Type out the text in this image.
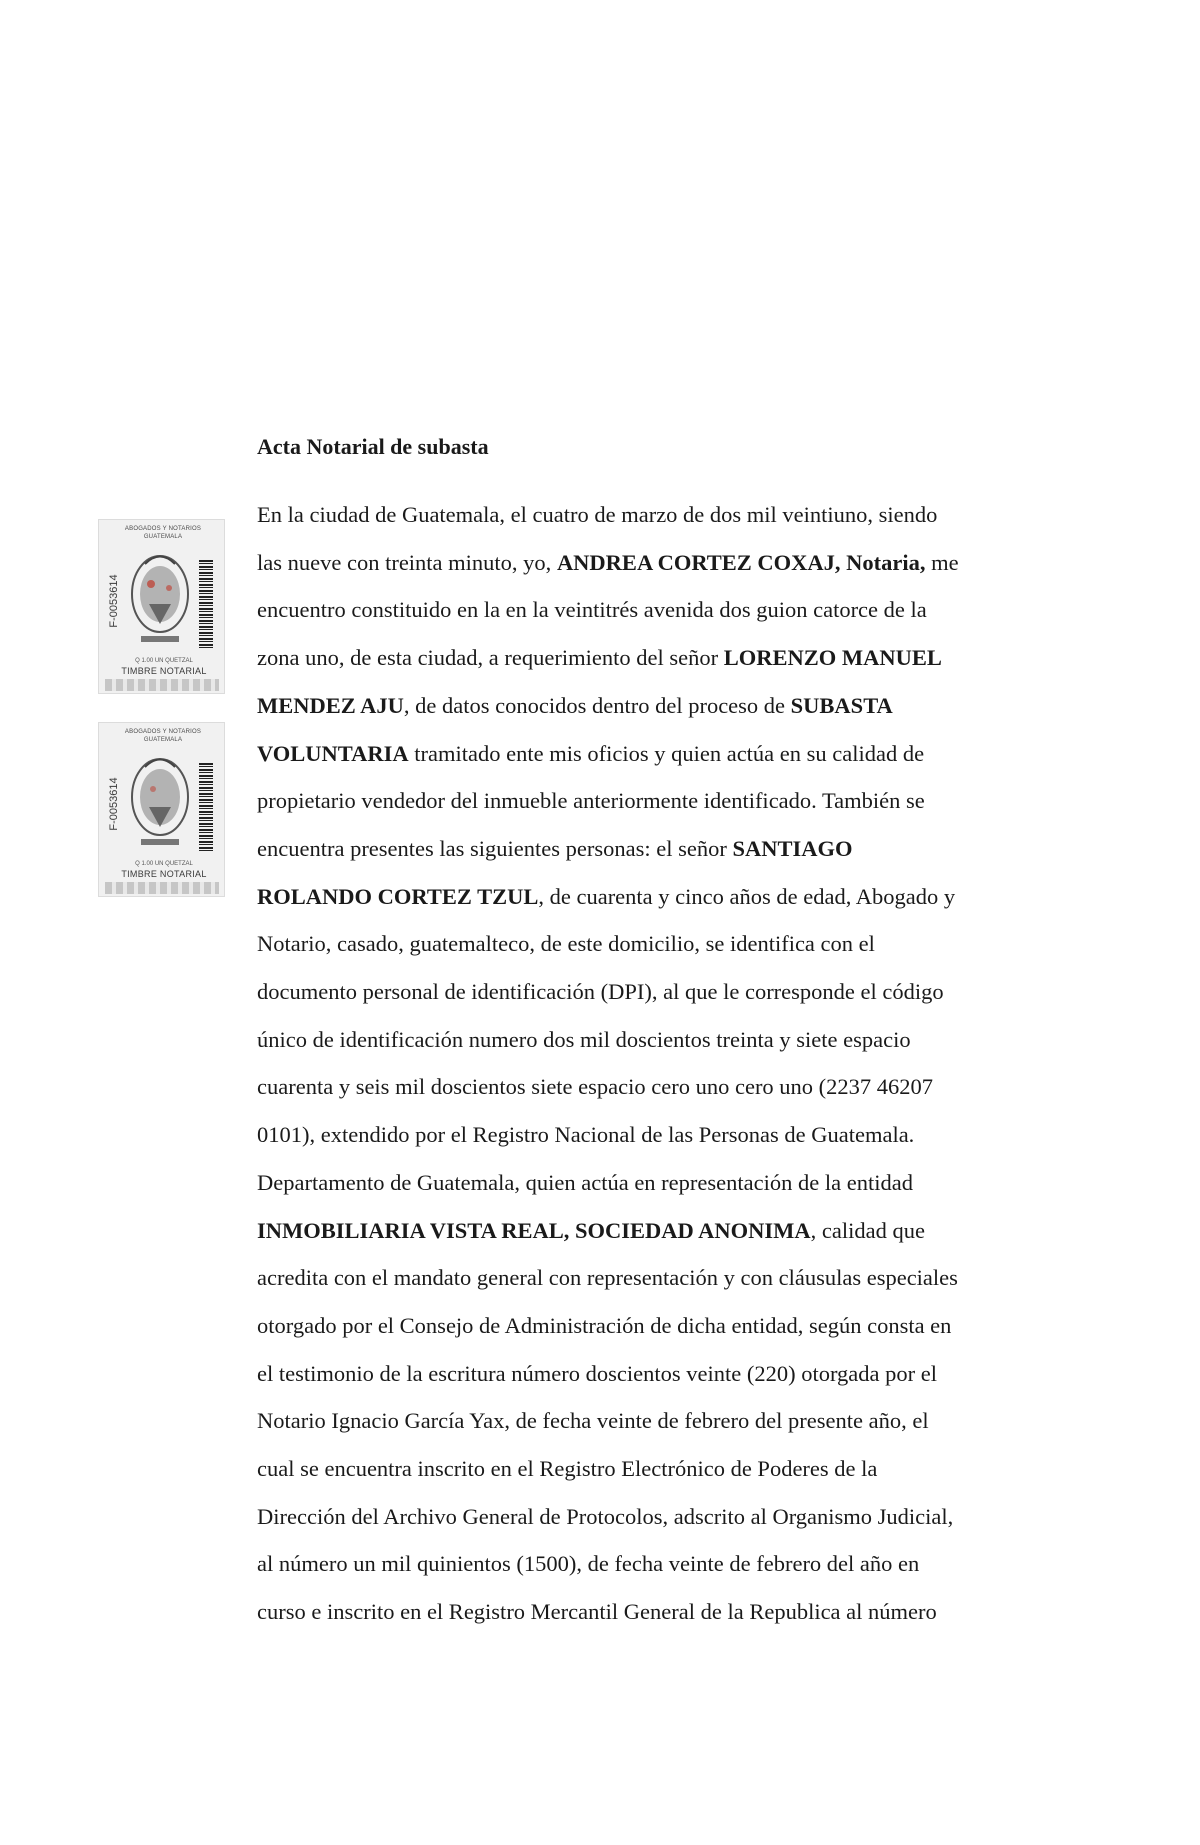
ABOGADOS Y NOTARIOS
GUATEMALA
F-0053614
Q 1.00 UN QUETZAL
TIMBRE NOTARIAL
ABOGADOS Y NOTARIOS
GUATEMALA
F-0053614
Q 1.00 UN QUETZAL
TIMBRE NOTARIAL
Acta Notarial de subasta
En la ciudad de Guatemala, el cuatro de marzo de dos mil veintiuno, siendo
las nueve con treinta minuto, yo, ANDREA CORTEZ COXAJ, Notaria, me
encuentro constituido en la en la veintitrés avenida dos guion catorce de la
zona uno, de esta ciudad, a requerimiento del señor LORENZO MANUEL
MENDEZ AJU, de datos conocidos dentro del proceso de SUBASTA
VOLUNTARIA tramitado ente mis oficios y quien actúa en su calidad de
propietario vendedor del inmueble anteriormente identificado. También se
encuentra presentes las siguientes personas: el señor SANTIAGO
ROLANDO CORTEZ TZUL, de cuarenta y cinco años de edad, Abogado y
Notario, casado, guatemalteco, de este domicilio, se identifica con el
documento personal de identificación (DPI), al que le corresponde el código
único de identificación numero dos mil doscientos treinta y siete espacio
cuarenta y seis mil doscientos siete espacio cero uno cero uno (2237 46207
0101), extendido por el Registro Nacional de las Personas de Guatemala.
Departamento de Guatemala, quien actúa en representación de la entidad
INMOBILIARIA VISTA REAL, SOCIEDAD ANONIMA, calidad que
acredita con el mandato general con representación y con cláusulas especiales
otorgado por el Consejo de Administración de dicha entidad, según consta en
el testimonio de la escritura número doscientos veinte (220) otorgada por el
Notario Ignacio García Yax, de fecha veinte de febrero del presente año, el
cual se encuentra inscrito en el Registro Electrónico de Poderes de la
Dirección del Archivo General de Protocolos, adscrito al Organismo Judicial,
al número un mil quinientos (1500), de fecha veinte de febrero del año en
curso e inscrito en el Registro Mercantil General de la Republica al número
